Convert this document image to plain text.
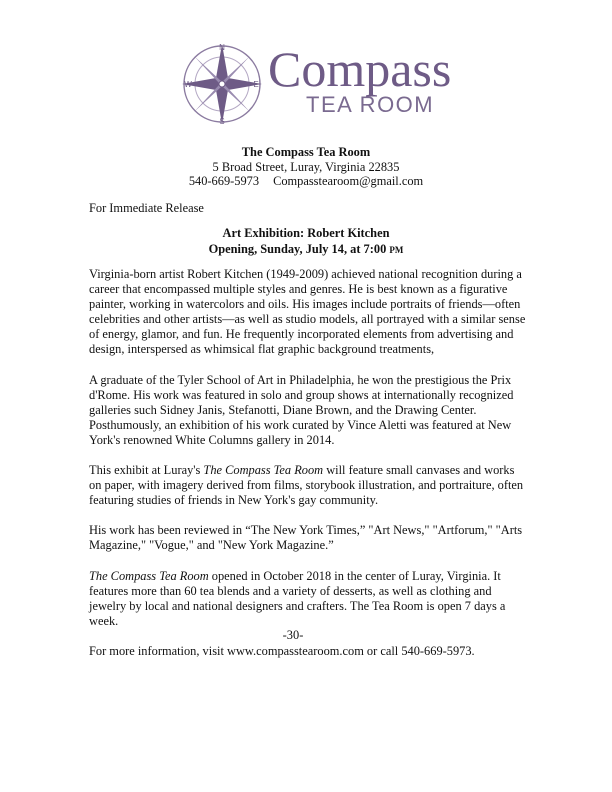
N
E
S
W Compass
TEA ROOM
The Compass Tea Room
5 Broad Street, Luray, Virginia 22835
540-669-5973 Compasstearoom@gmail.com
For Immediate Release
Art Exhibition: Robert Kitchen
Opening, Sunday, July 14, at 7:00 PM

Virginia-born artist Robert Kitchen (1949-2009) achieved national recognition during a career that encompassed multiple styles and genres. He is best known as a figurative painter, working in watercolors and oils. His images include portraits of friends—often celebrities and other artists—as well as studio models, all portrayed with a similar sense of energy, glamor, and fun. He frequently incorporated elements from advertising and design, interspersed as whimsical flat graphic background treatments,

A graduate of the Tyler School of Art in Philadelphia, he won the prestigious the Prix d'Rome. His work was featured in solo and group shows at internationally recognized galleries such Sidney Janis, Stefanotti, Diane Brown, and the Drawing Center. Posthumously, an exhibition of his work curated by Vince Aletti was featured at New York's renowned White Columns gallery in 2014.

This exhibit at Luray's The Compass Tea Room will feature small canvases and works on paper, with imagery derived from films, storybook illustration, and portraiture, often featuring studies of friends in New York's gay community.

His work has been reviewed in “The New York Times,” "Art News," "Artforum," "Arts Magazine," "Vogue," and "New York Magazine.”

The Compass Tea Room opened in October 2018 in the center of Luray, Virginia. It features more than 60 tea blends and a variety of desserts, as well as clothing and jewelry by local and national designers and crafters. The Tea Room is open 7 days a week.

For more information, visit www.compasstearoom.com or call 540-669-5973.

-30-
